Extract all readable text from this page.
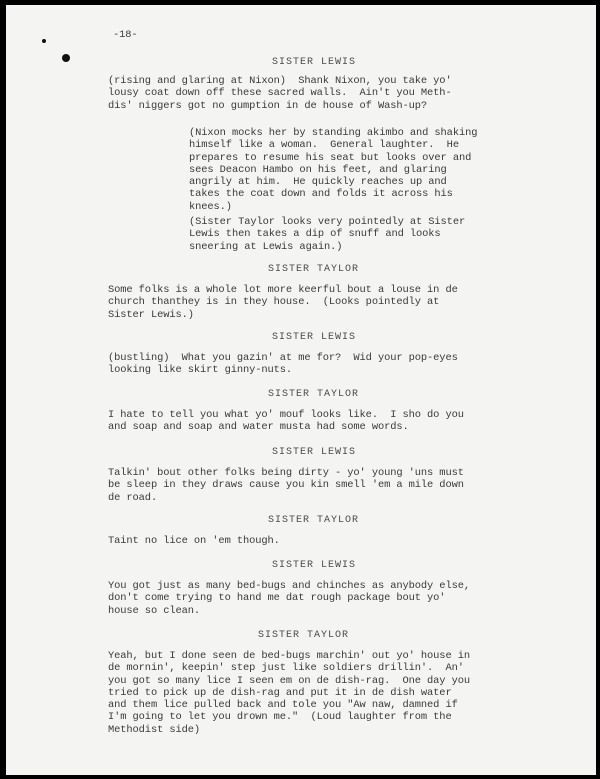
-18-
SISTER LEWIS
(rising and glaring at Nixon)  Shank Nixon, you take yo'
lousy coat down off these sacred walls.  Ain't you Meth-
dis' niggers got no gumption in de house of Wash-up?
(Nixon mocks her by standing akimbo and shaking
himself like a woman.  General laughter.  He
prepares to resume his seat but looks over and
sees Deacon Hambo on his feet, and glaring
angrily at him.  He quickly reaches up and
takes the coat down and folds it across his
knees.)
(Sister Taylor looks very pointedly at Sister
Lewis then takes a dip of snuff and looks
sneering at Lewis again.)
SISTER TAYLOR
Some folks is a whole lot more keerful bout a louse in de
church thanthey is in they house.  (Looks pointedly at
Sister Lewis.)
SISTER LEWIS
(bustling)  What you gazin' at me for?  Wid your pop-eyes
looking like skirt ginny-nuts.
SISTER TAYLOR
I hate to tell you what yo' mouf looks like.  I sho do you
and soap and soap and water musta had some words.
SISTER LEWIS
Talkin' bout other folks being dirty - yo' young 'uns must
be sleep in they draws cause you kin smell 'em a mile down
de road.
SISTER TAYLOR
Taint no lice on 'em though.
SISTER LEWIS
You got just as many bed-bugs and chinches as anybody else,
don't come trying to hand me dat rough package bout yo'
house so clean.
SISTER TAYLOR
Yeah, but I done seen de bed-bugs marchin' out yo' house in
de mornin', keepin' step just like soldiers drillin'.  An'
you got so many lice I seen em on de dish-rag.  One day you
tried to pick up de dish-rag and put it in de dish water
and them lice pulled back and tole you "Aw naw, damned if
I'm going to let you drown me."  (Loud laughter from the
Methodist side)
